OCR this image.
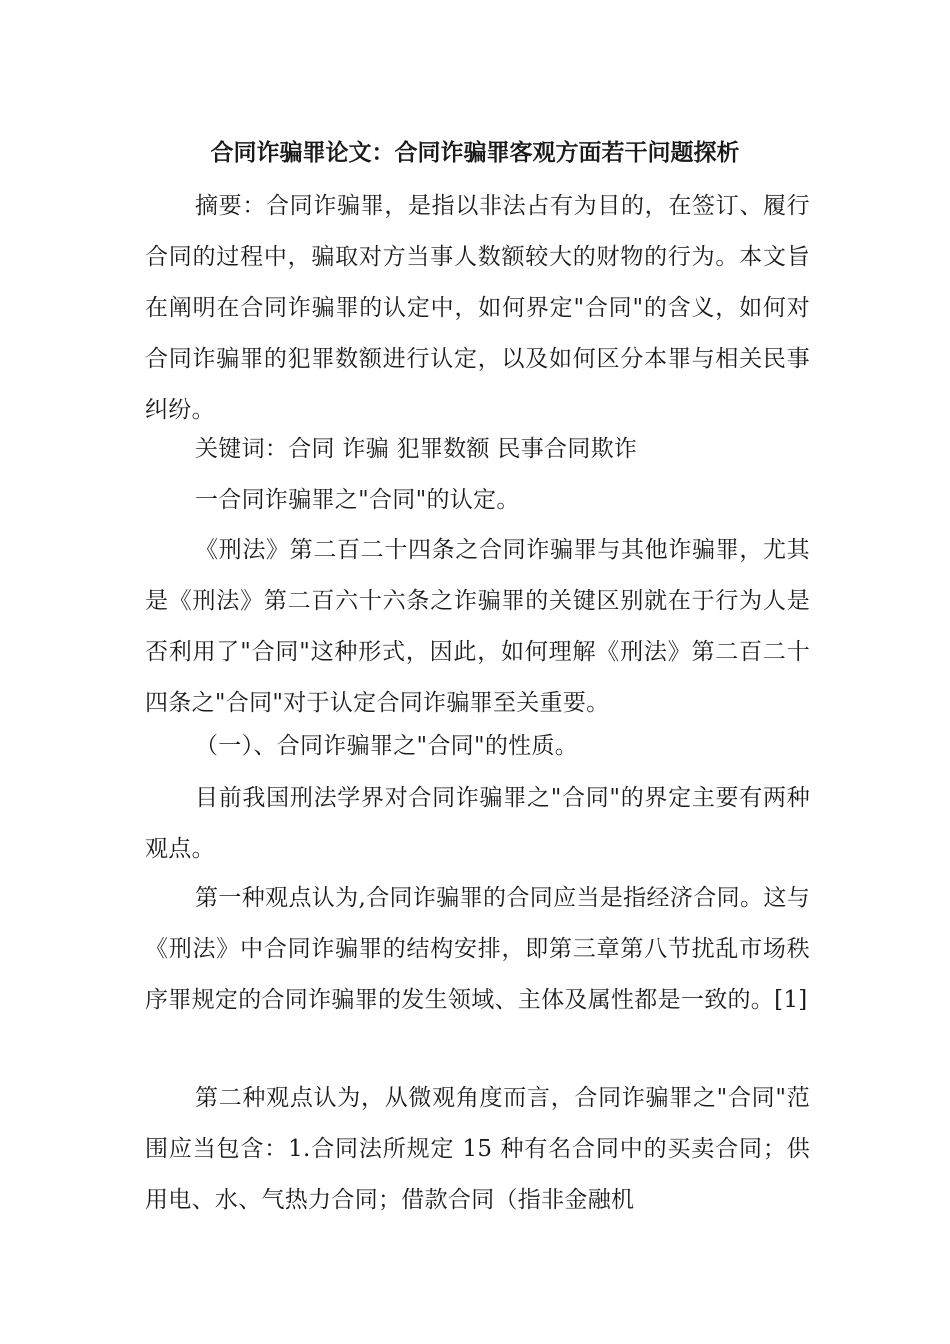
合同诈骗罪论文：合同诈骗罪客观方面若干问题探析

摘要：合同诈骗罪，是指以非法占有为目的，在签订、履行合同的过程中，骗取对方当事人数额较大的财物的行为。本文旨在阐明在合同诈骗罪的认定中，如何界定"合同"的含义，如何对合同诈骗罪的犯罪数额进行认定，以及如何区分本罪与相关民事纠纷。

关键词：合同 诈骗 犯罪数额 民事合同欺诈

一合同诈骗罪之"合同"的认定。

《刑法》第二百二十四条之合同诈骗罪与其他诈骗罪，尤其是《刑法》第二百六十六条之诈骗罪的关键区别就在于行为人是否利用了"合同"这种形式，因此，如何理解《刑法》第二百二十四条之"合同"对于认定合同诈骗罪至关重要。

（一）、合同诈骗罪之"合同"的性质。

目前我国刑法学界对合同诈骗罪之"合同"的界定主要有两种观点。

第一种观点认为,合同诈骗罪的合同应当是指经济合同。这与《刑法》中合同诈骗罪的结构安排，即第三章第八节扰乱市场秩序罪规定的合同诈骗罪的发生领域、主体及属性都是一致的。[1]

第二种观点认为，从微观角度而言，合同诈骗罪之"合同"范围应当包含：1.合同法所规定 15 种有名合同中的买卖合同；供用电、水、气热力合同；借款合同（指非金融机
